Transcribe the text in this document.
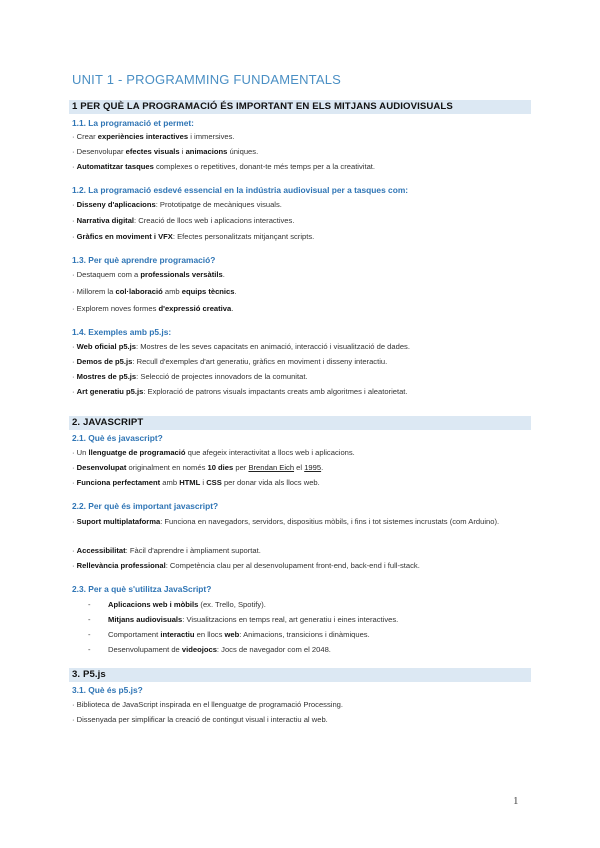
UNIT 1 - PROGRAMMING FUNDAMENTALS
1 PER QUÈ LA PROGRAMACIÓ ÉS IMPORTANT EN ELS MITJANS AUDIOVISUALS
1.1. La programació et permet:
· Crear experiències interactives i immersives.
· Desenvolupar efectes visuals i animacions úniques.
· Automatitzar tasques complexes o repetitives, donant-te més temps per a la creativitat.
1.2. La programació esdevé essencial en la indústria audiovisual per a tasques com:
· Disseny d'aplicacions: Prototipatge de mecàniques visuals.
· Narrativa digital: Creació de llocs web i aplicacions interactives.
· Gràfics en moviment i VFX: Efectes personalitzats mitjançant scripts.
1.3. Per què aprendre programació?
· Destaquem com a professionals versàtils.
· Millorem la col·laboració amb equips tècnics.
· Explorem noves formes d'expressió creativa.
1.4. Exemples amb p5.js:
· Web oficial p5.js: Mostres de les seves capacitats en animació, interacció i visualització de dades.
· Demos de p5.js: Recull d'exemples d'art generatiu, gràfics en moviment i disseny interactiu.
· Mostres de p5.js: Selecció de projectes innovadors de la comunitat.
· Art generatiu p5.js: Exploració de patrons visuals impactants creats amb algoritmes i aleatorietat.
2. JAVASCRIPT
2.1. Què és javascript?
· Un llenguatge de programació que afegeix interactivitat a llocs web i aplicacions.
· Desenvolupat originalment en només 10 dies per Brendan Eich el 1995.
· Funciona perfectament amb HTML i CSS per donar vida als llocs web.
2.2. Per què és important javascript?
· Suport multiplataforma: Funciona en navegadors, servidors, dispositius mòbils, i fins i tot sistemes incrustats (com Arduino).
· Accessibilitat: Fàcil d'aprendre i àmpliament suportat.
· Rellevància professional: Competència clau per al desenvolupament front-end, back-end i full-stack.
2.3. Per a què s'utilitza JavaScript?
- Aplicacions web i mòbils (ex. Trello, Spotify).
- Mitjans audiovisuals: Visualitzacions en temps real, art generatiu i eines interactives.
- Comportament interactiu en llocs web: Animacions, transicions i dinàmiques.
- Desenvolupament de videojocs: Jocs de navegador com el 2048.
3. P5.js
3.1. Què és p5.js?
· Biblioteca de JavaScript inspirada en el llenguatge de programació Processing.
· Dissenyada per simplificar la creació de contingut visual i interactiu al web.
1
